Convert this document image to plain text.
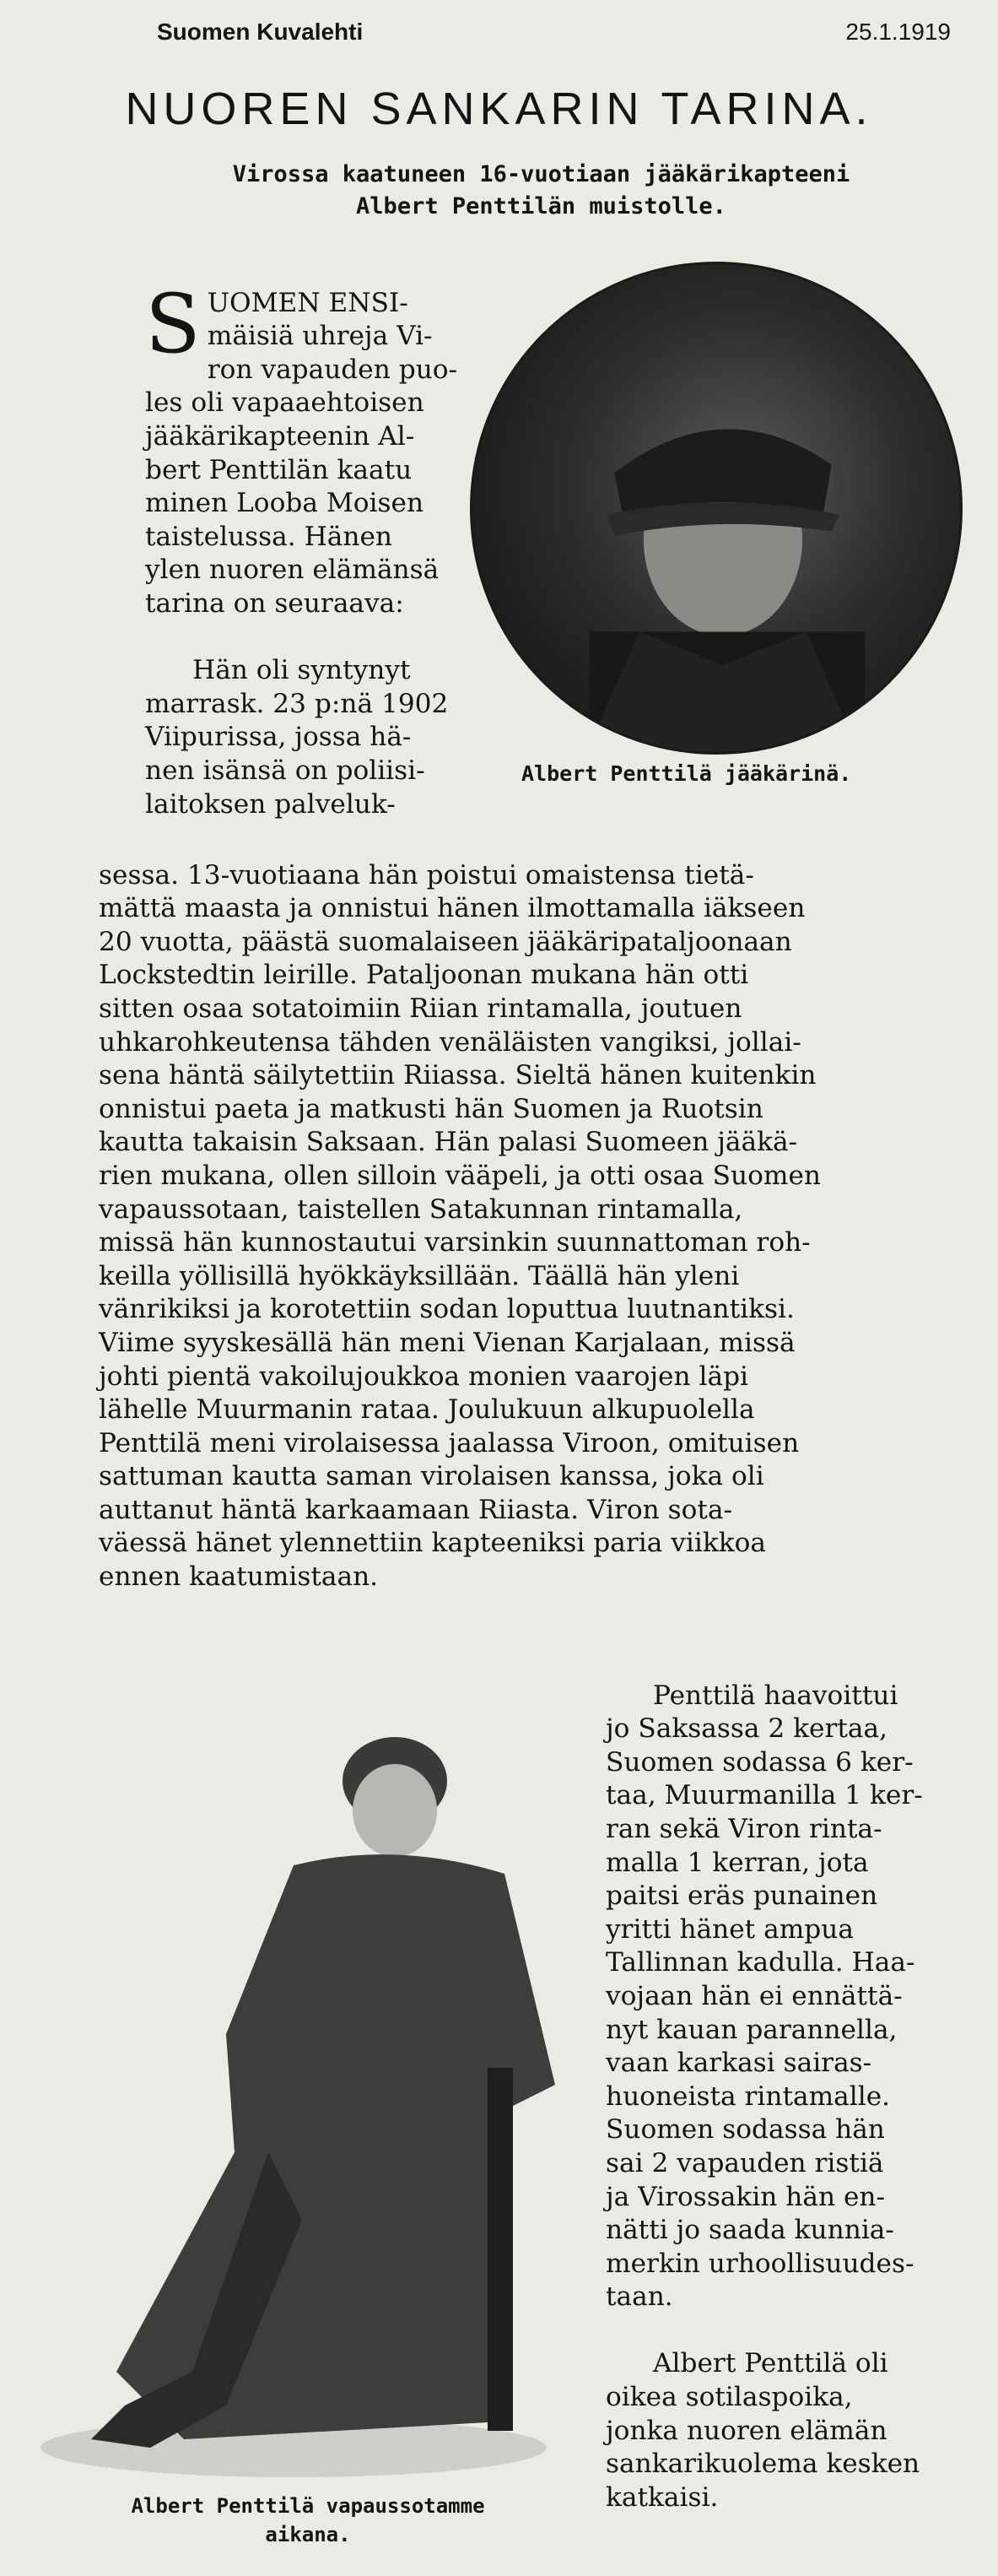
Suomen Kuvalehti	25.1.1919
NUOREN SANKARIN TARINA.
Virossa kaatuneen 16-vuotiaan jääkärikapteeni
Albert Penttilän muistolle.

SUOMEN ENSI-
mäisiä uhreja Vi-
ron vapauden puo-
les oli vapaaehtoisen
jääkärikapteenin Al-
bert Penttilän kaatu
minen Looba Moisen
taistelussa. Hänen
ylen nuoren elämänsä
tarina on seuraava:

Hän oli syntynyt
marrask. 23 p:nä 1902
Viipurissa, jossa hä-
nen isänsä on poliisi-
laitoksen palveluk-

Albert Penttilä jääkärinä.

sessa. 13-vuotiaana hän poistui omaistensa tietä-
mättä maasta ja onnistui hänen ilmottamalla iäkseen
20 vuotta, päästä suomalaiseen jääkäripataljoonaan
Lockstedtin leirille. Pataljoonan mukana hän otti
sitten osaa sotatoimiin Riian rintamalla, joutuen
uhkarohkeutensa tähden venäläisten vangiksi, jollai-
sena häntä säilytettiin Riiassa. Sieltä hänen kuitenkin
onnistui paeta ja matkusti hän Suomen ja Ruotsin
kautta takaisin Saksaan. Hän palasi Suomeen jääkä-
rien mukana, ollen silloin vääpeli, ja otti osaa Suomen
vapaussotaan, taistellen Satakunnan rintamalla,
missä hän kunnostautui varsinkin suunnattoman roh-
keilla yöllisillä hyökkäyksillään. Täällä hän yleni
vänrikiksi ja korotettiin sodan loputtua luutnantiksi.
Viime syyskesällä hän meni Vienan Karjalaan, missä
johti pientä vakoilujoukkoa monien vaarojen läpi
lähelle Muurmanin rataa. Joulukuun alkupuolella
Penttilä meni virolaisessa jaalassa Viroon, omituisen
sattuman kautta saman virolaisen kanssa, joka oli
auttanut häntä karkaamaan Riiasta. Viron sota-
väessä hänet ylennettiin kapteeniksi paria viikkoa
ennen kaatumistaan.

Albert Penttilä vapaussotamme
aikana.

Penttilä haavoittui
jo Saksassa 2 kertaa,
Suomen sodassa 6 ker-
taa, Muurmanilla 1 ker-
ran sekä Viron rinta-
malla 1 kerran, jota
paitsi eräs punainen
yritti hänet ampua
Tallinnan kadulla. Haa-
vojaan hän ei ennättä-
nyt kauan parannella,
vaan karkasi sairas-
huoneista rintamalle.
Suomen sodassa hän
sai 2 vapauden ristiä
ja Virossakin hän en-
nätti jo saada kunnia-
merkin urhoollisuudes-
taan.

Albert Penttilä oli
oikea sotilaspoika,
jonka nuoren elämän
sankarikuolema kesken
katkaisi.
